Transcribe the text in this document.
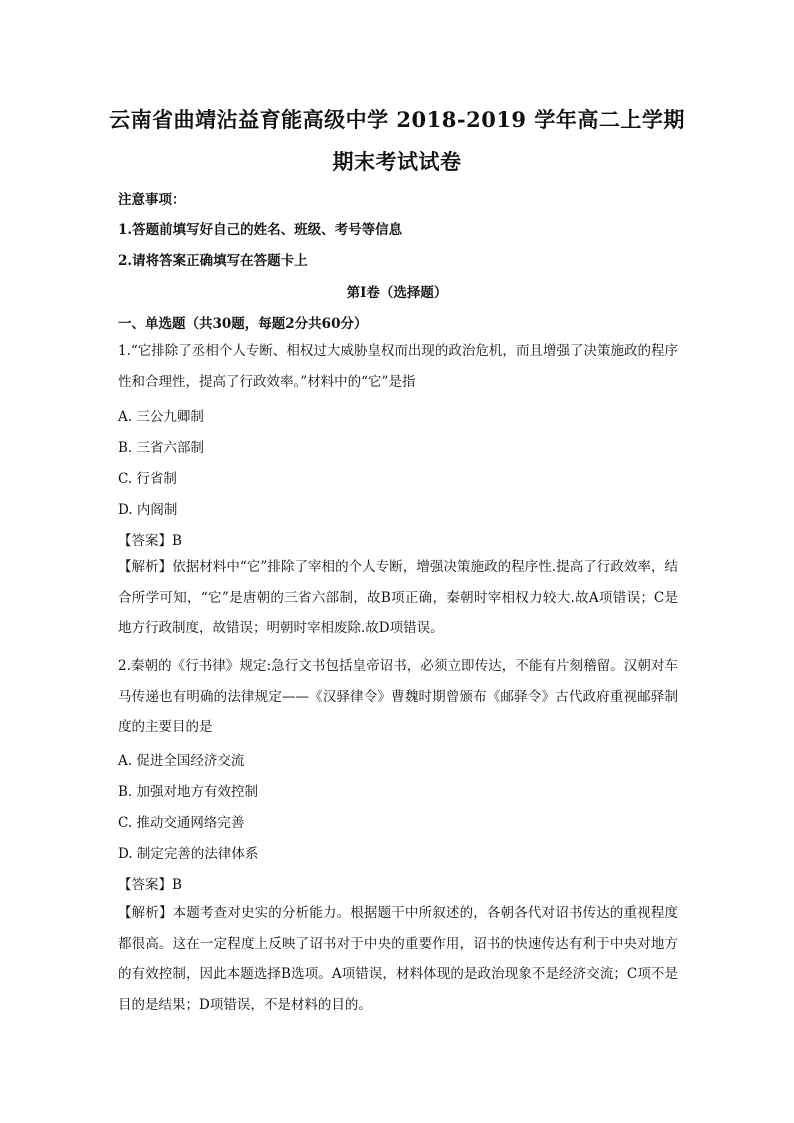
云南省曲靖沾益育能高级中学 2018-2019 学年高二上学期
期末考试试卷
注意事项：
1.答题前填写好自己的姓名、班级、考号等信息
2.请将答案正确填写在答题卡上
第I卷（选择题）
一、单选题（共30题，每题2分共60分）
1.“它排除了丞相个人专断、相权过大威胁皇权而出现的政治危机，而且增强了决策施政的程序性和合理性，提高了行政效率。”材料中的“它”是指
A. 三公九卿制
B. 三省六部制
C. 行省制
D. 内阁制
【答案】B
【解析】依据材料中“它”排除了宰相的个人专断，增强决策施政的程序性.提高了行政效率，结合所学可知，“它”是唐朝的三省六部制，故B项正确，秦朝时宰相权力较大.故A项错误；C是地方行政制度，故错误；明朝时宰相废除.故D项错误。
2.秦朝的《行书律》规定:急行文书包括皇帝诏书，必须立即传达，不能有片刻稽留。汉朝对车马传递也有明确的法律规定——《汉驿律令》曹魏时期曾颁布《邮驿令》古代政府重视邮驿制度的主要目的是
A. 促进全国经济交流
B. 加强对地方有效控制
C. 推动交通网络完善
D. 制定完善的法律体系
【答案】B
【解析】本题考查对史实的分析能力。根据题干中所叙述的，各朝各代对诏书传达的重视程度都很高。这在一定程度上反映了诏书对于中央的重要作用，诏书的快速传达有利于中央对地方的有效控制，因此本题选择B选项。A项错误，材料体现的是政治现象不是经济交流；C项不是目的是结果；D项错误，不是材料的目的。
